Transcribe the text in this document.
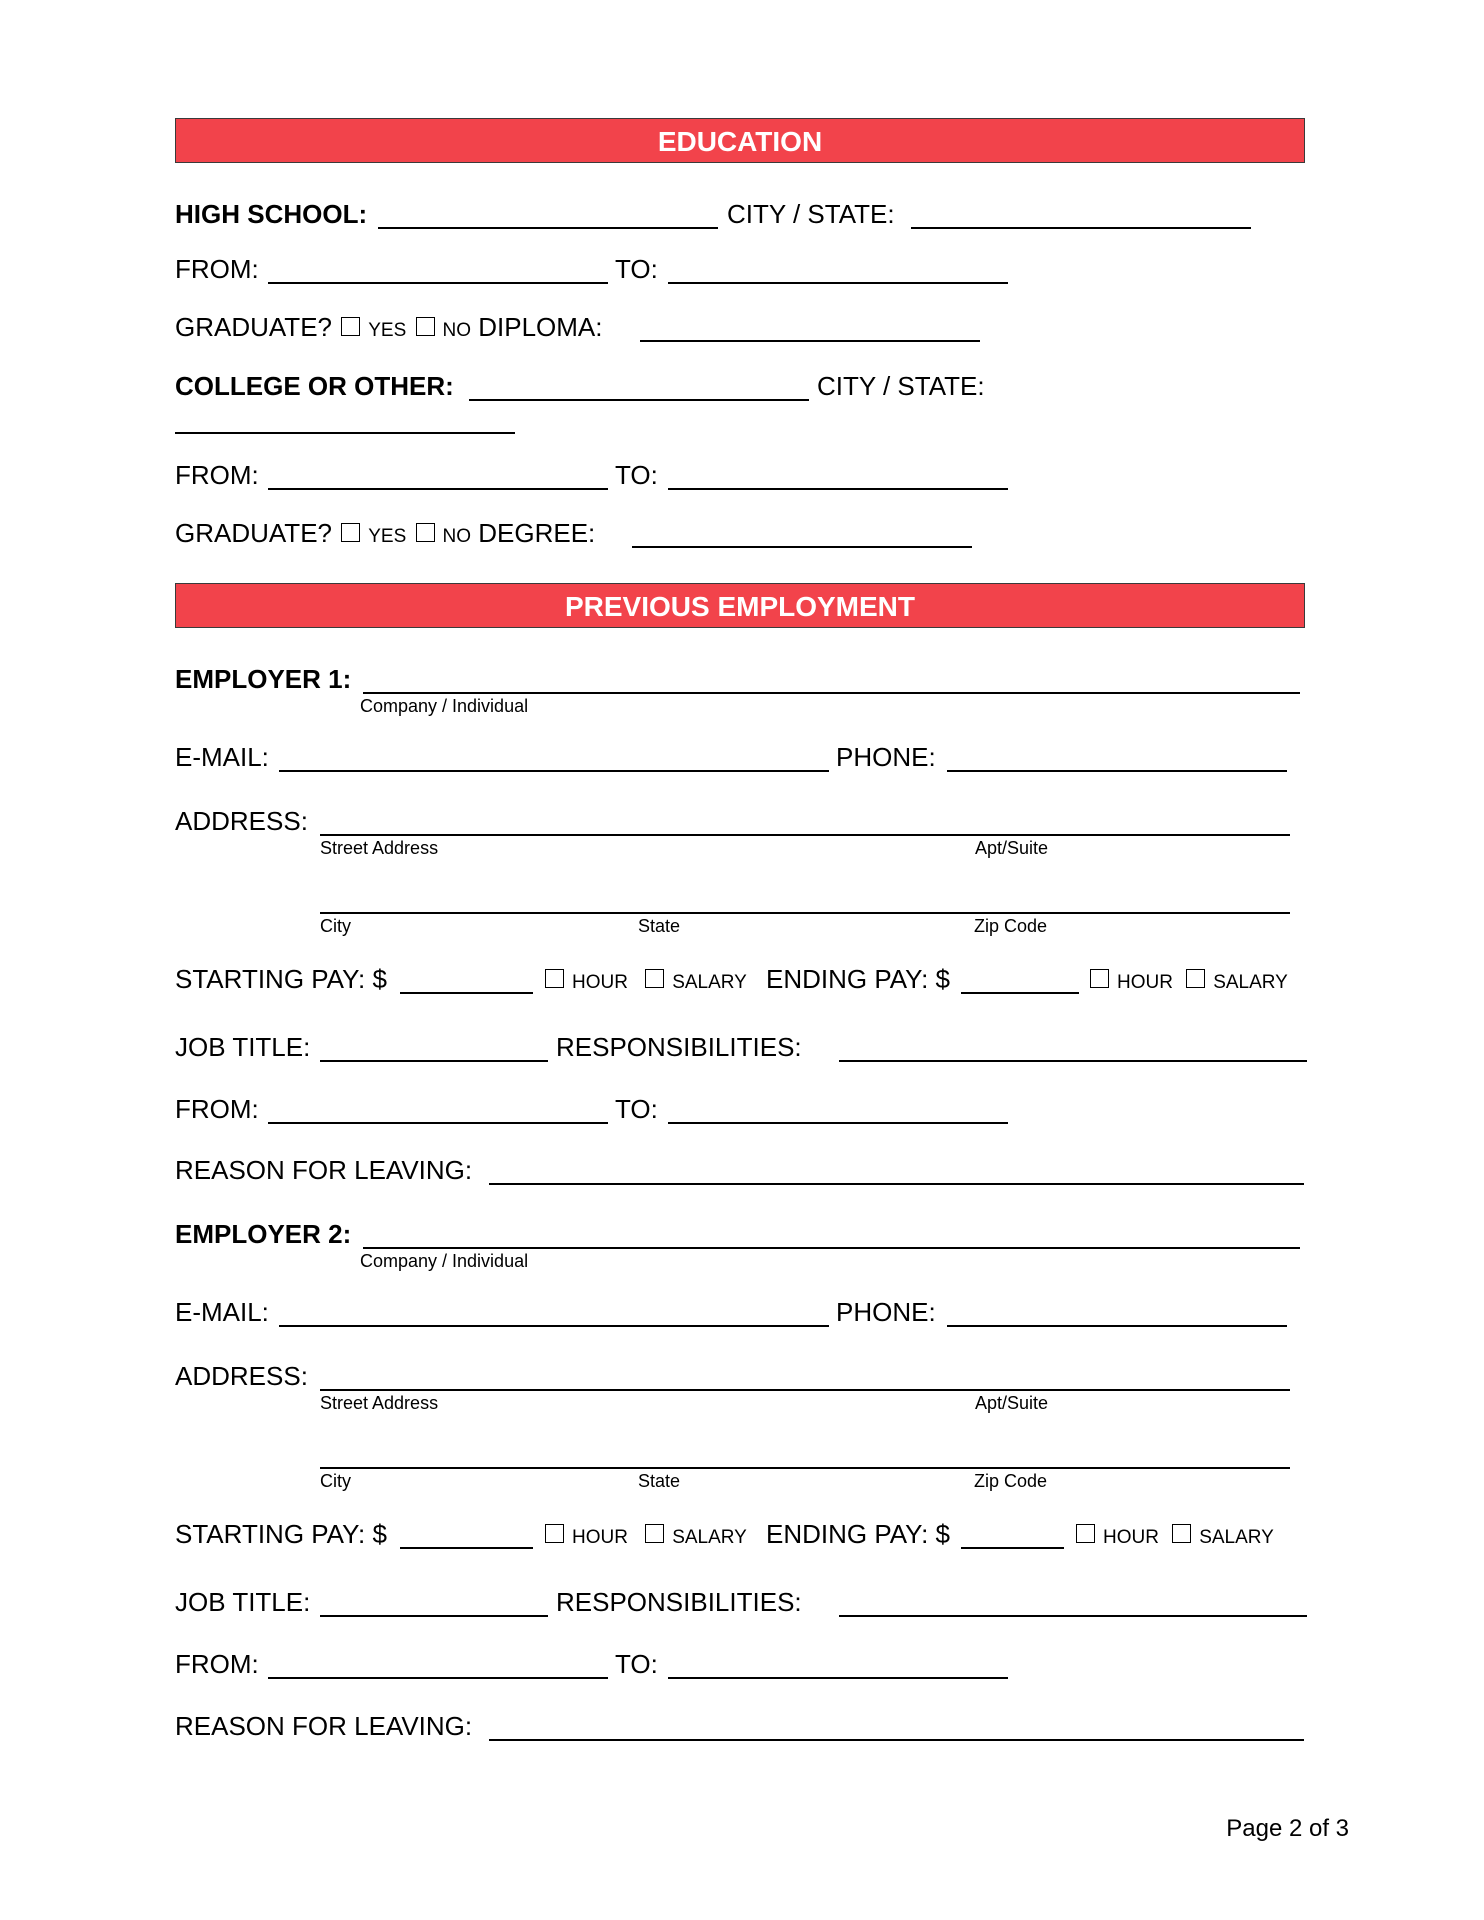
EDUCATION
HIGH SCHOOL:	CITY / STATE:
FROM:	TO:
GRADUATE? YES NO DIPLOMA:
COLLEGE OR OTHER:	CITY / STATE:
FROM:	TO:
GRADUATE? YES NO DEGREE:
PREVIOUS EMPLOYMENT
EMPLOYER 1:
Company / Individual
E-MAIL:	PHONE:
ADDRESS:
Street Address	Apt/Suite
City	State	Zip Code
STARTING PAY: $	HOUR SALARY ENDING PAY: $	HOUR SALARY
JOB TITLE:	RESPONSIBILITIES:
FROM:	TO:
REASON FOR LEAVING:
EMPLOYER 2:
Company / Individual
E-MAIL:	PHONE:
ADDRESS:
Street Address	Apt/Suite
City	State	Zip Code
STARTING PAY: $	HOUR SALARY ENDING PAY: $	HOUR SALARY
JOB TITLE:	RESPONSIBILITIES:
FROM:	TO:
REASON FOR LEAVING:
Page 2 of 3
